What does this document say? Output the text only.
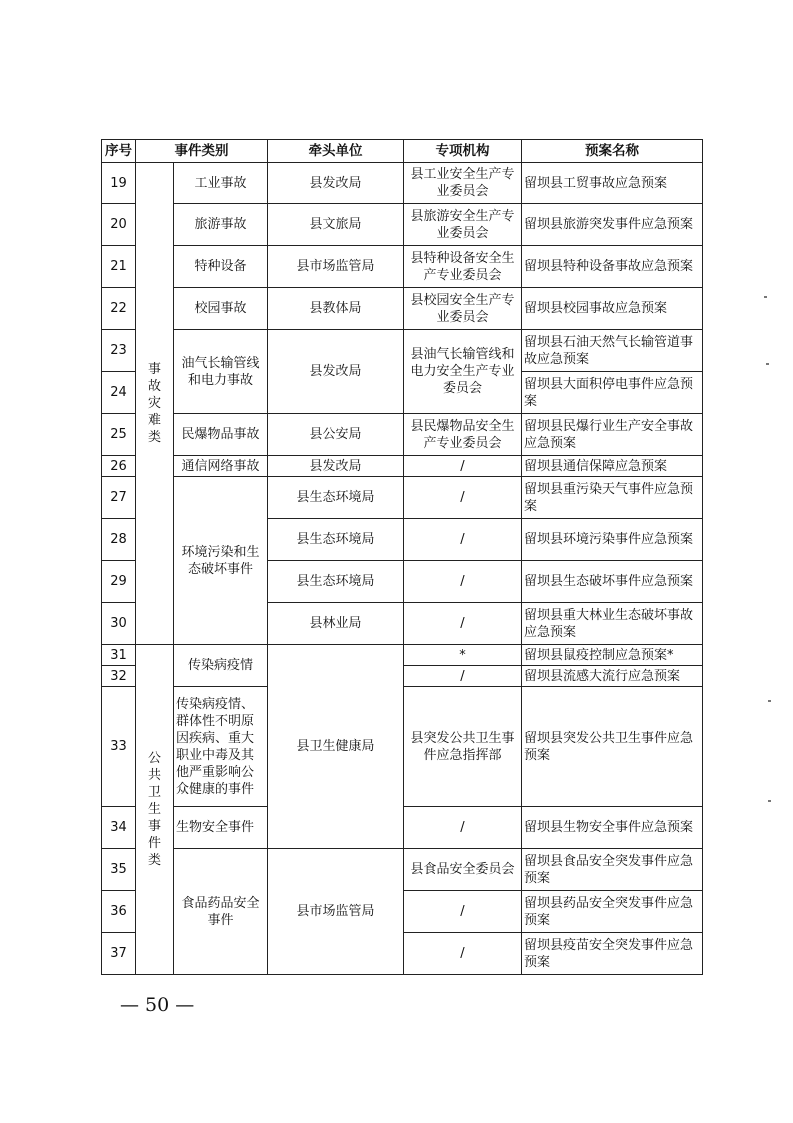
序号	事件类别		牵头单位	专项机构	预案名称
19	事故灾难类	工业事故	县发改局	县工业安全生产专业委员会	留坝县工贸事故应急预案
20		旅游事故	县文旅局	县旅游安全生产专业委员会	留坝县旅游突发事件应急预案
21		特种设备	县市场监管局	县特种设备安全生产专业委员会	留坝县特种设备事故应急预案
22		校园事故	县教体局	县校园安全生产专业委员会	留坝县校园事故应急预案
23		油气长输管线和电力事故	县发改局	县油气长输管线和电力安全生产专业委员会	留坝县石油天然气长输管道事故应急预案
24					留坝县大面积停电事件应急预案
25		民爆物品事故	县公安局	县民爆物品安全生产专业委员会	留坝县民爆行业生产安全事故应急预案
26		通信网络事故	县发改局	/	留坝县通信保障应急预案
27		环境污染和生态破坏事件	县生态环境局	/	留坝县重污染天气事件应急预案
28			县生态环境局	/	留坝县环境污染事件应急预案
29			县生态环境局	/	留坝县生态破坏事件应急预案
30			县林业局	/	留坝县重大林业生态破坏事故应急预案
31	公共卫生事件类	传染病疫情	县卫生健康局	*	留坝县鼠疫控制应急预案*
32				/	留坝县流感大流行应急预案
33		传染病疫情、群体性不明原因疾病、重大职业中毒及其他严重影响公众健康的事件		县突发公共卫生事件应急指挥部	留坝县突发公共卫生事件应急预案
34		生物安全事件		/	留坝县生物安全事件应急预案
35		食品药品安全事件	县市场监管局	县食品安全委员会	留坝县食品安全突发事件应急预案
36				/	留坝县药品安全突发事件应急预案
37				/	留坝县疫苗安全突发事件应急预案
— 50 —
